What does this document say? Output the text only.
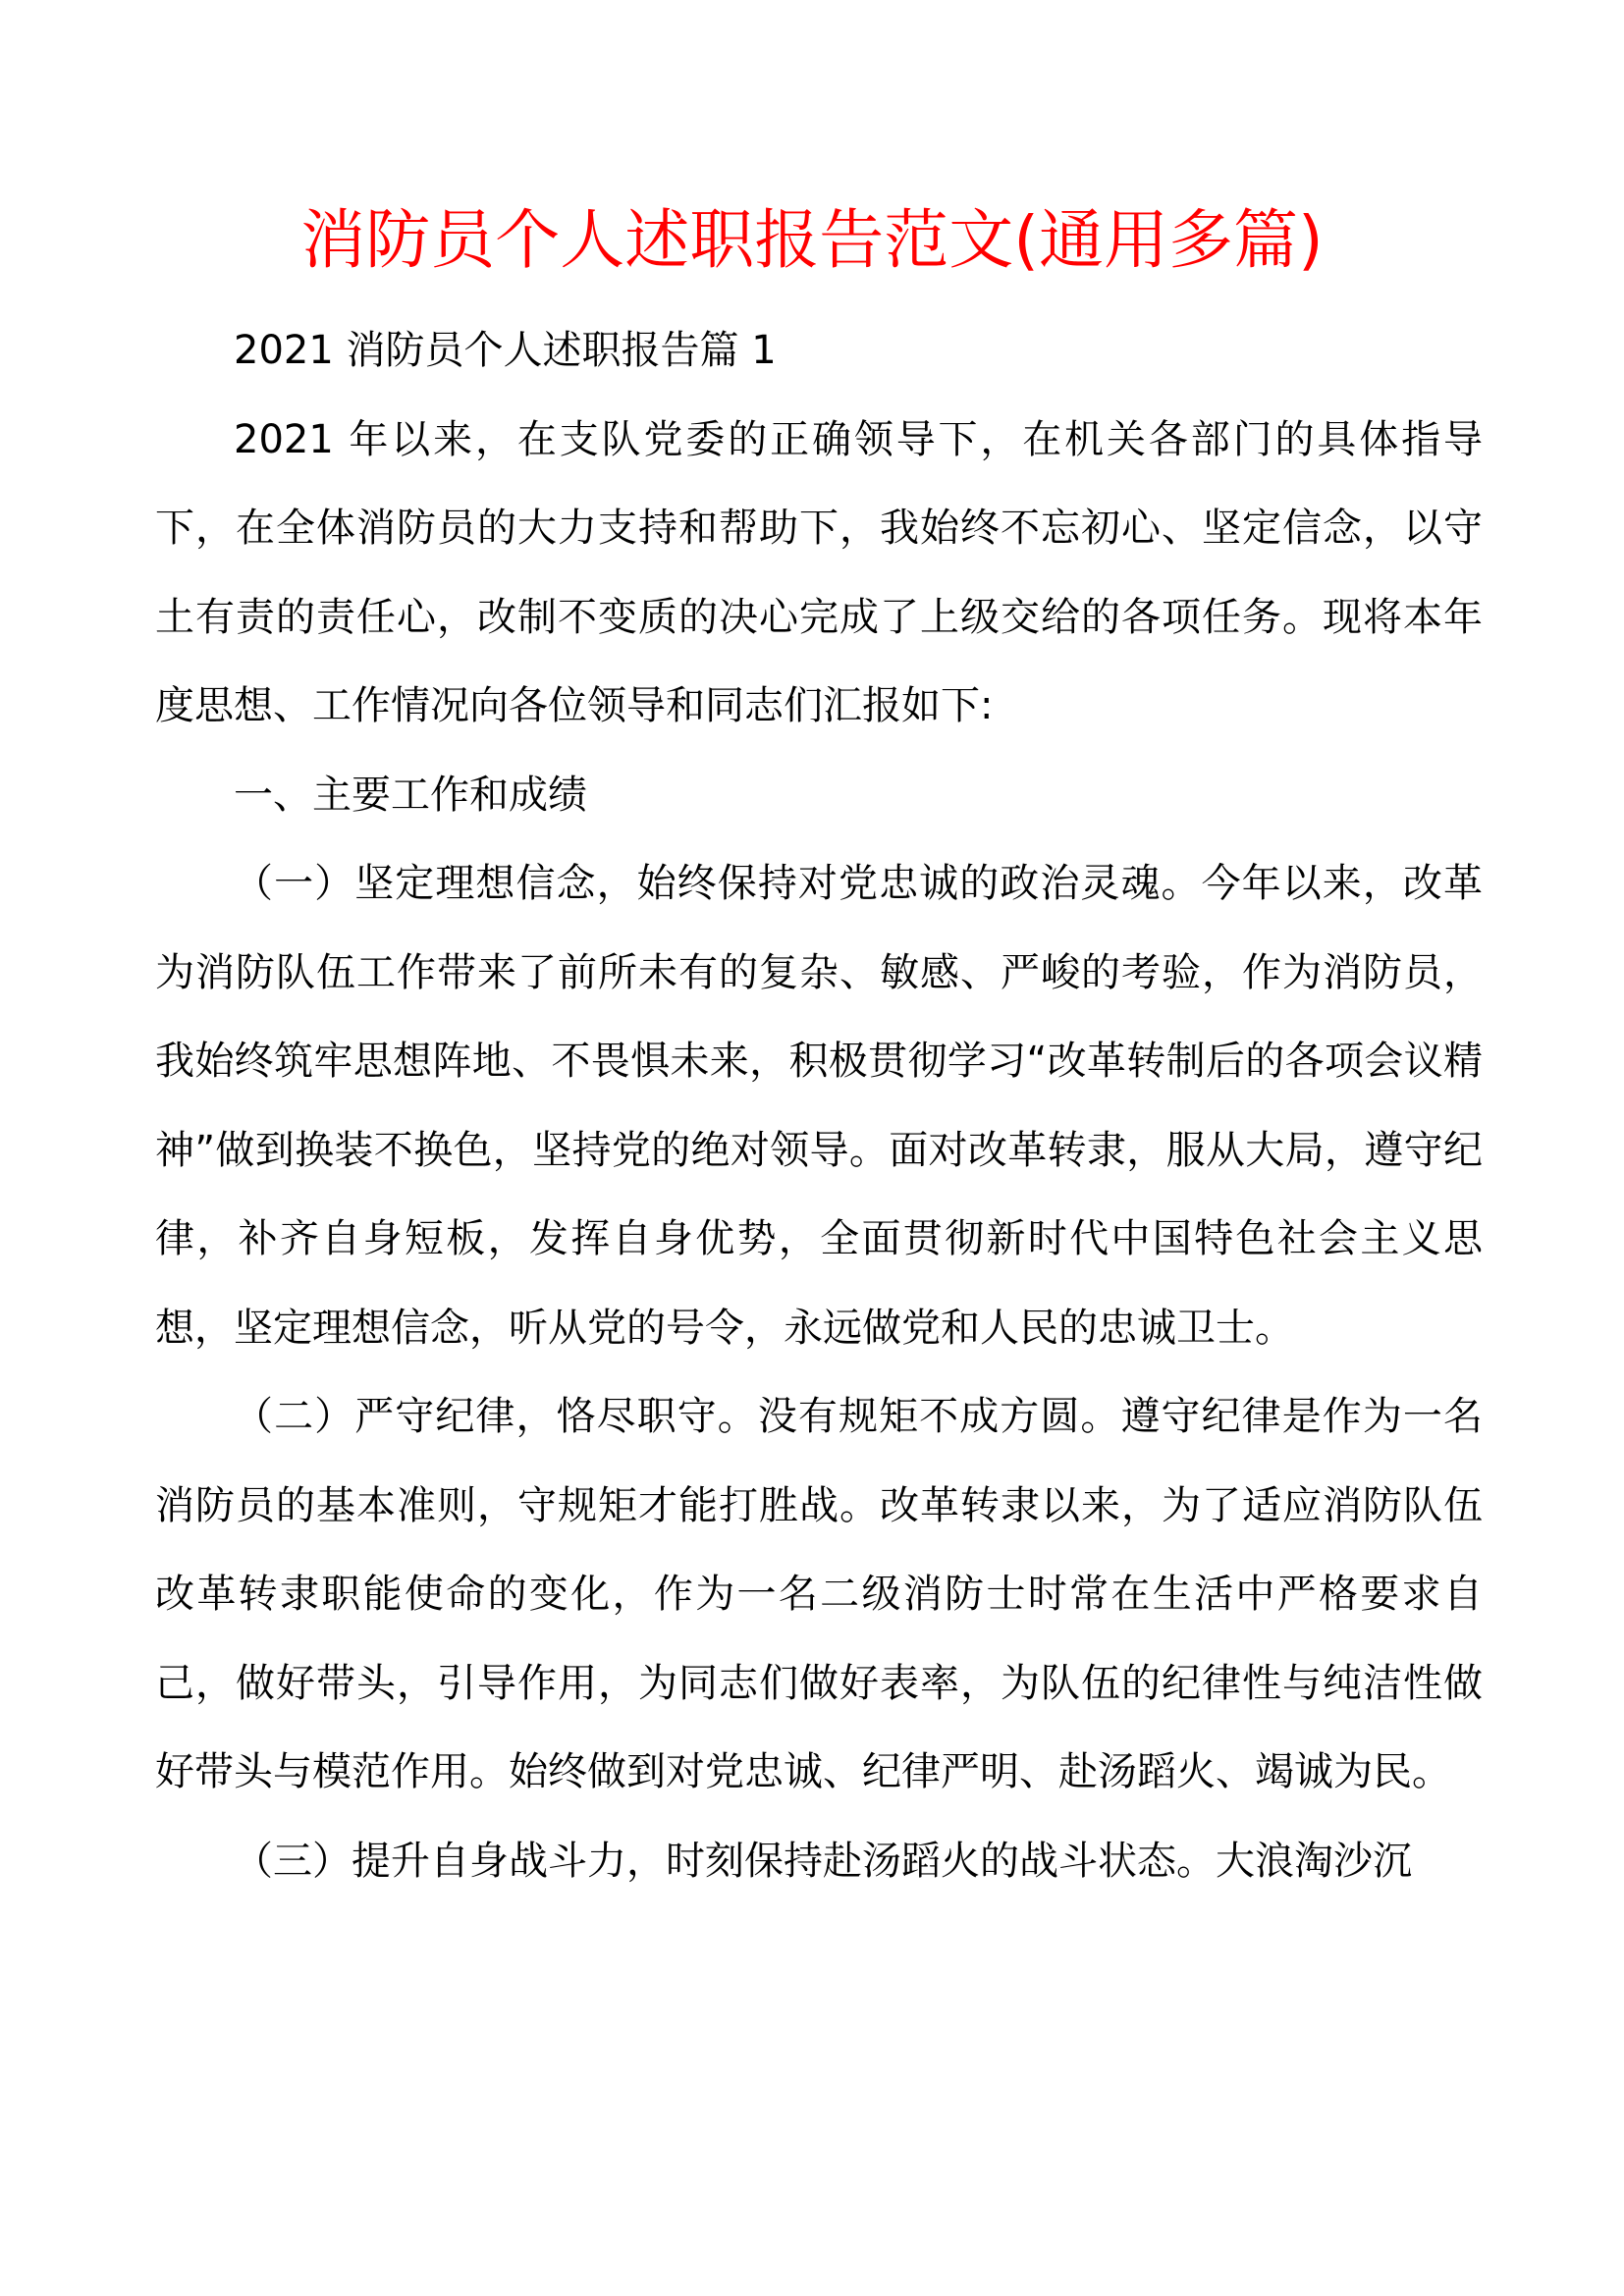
消防员个人述职报告范文(通用多篇)

2021 消防员个人述职报告篇 1

2021 年以来，在支队党委的正确领导下，在机关各部门的具体指导下，在全体消防员的大力支持和帮助下，我始终不忘初心、坚定信念，以守土有责的责任心，改制不变质的决心完成了上级交给的各项任务。现将本年度思想、工作情况向各位领导和同志们汇报如下:

一、主要工作和成绩

（一）坚定理想信念，始终保持对党忠诚的政治灵魂。今年以来，改革为消防队伍工作带来了前所未有的复杂、敏感、严峻的考验，作为消防员，我始终筑牢思想阵地、不畏惧未来，积极贯彻学习“改革转制后的各项会议精神”做到换装不换色，坚持党的绝对领导。面对改革转隶，服从大局，遵守纪律，补齐自身短板，发挥自身优势，全面贯彻新时代中国特色社会主义思想，坚定理想信念，听从党的号令，永远做党和人民的忠诚卫士。

（二）严守纪律，恪尽职守。没有规矩不成方圆。遵守纪律是作为一名消防员的基本准则，守规矩才能打胜战。改革转隶以来，为了适应消防队伍改革转隶职能使命的变化，作为一名二级消防士时常在生活中严格要求自己，做好带头，引导作用，为同志们做好表率，为队伍的纪律性与纯洁性做好带头与模范作用。始终做到对党忠诚、纪律严明、赴汤蹈火、竭诚为民。

（三）提升自身战斗力，时刻保持赴汤蹈火的战斗状态。大浪淘沙沉
